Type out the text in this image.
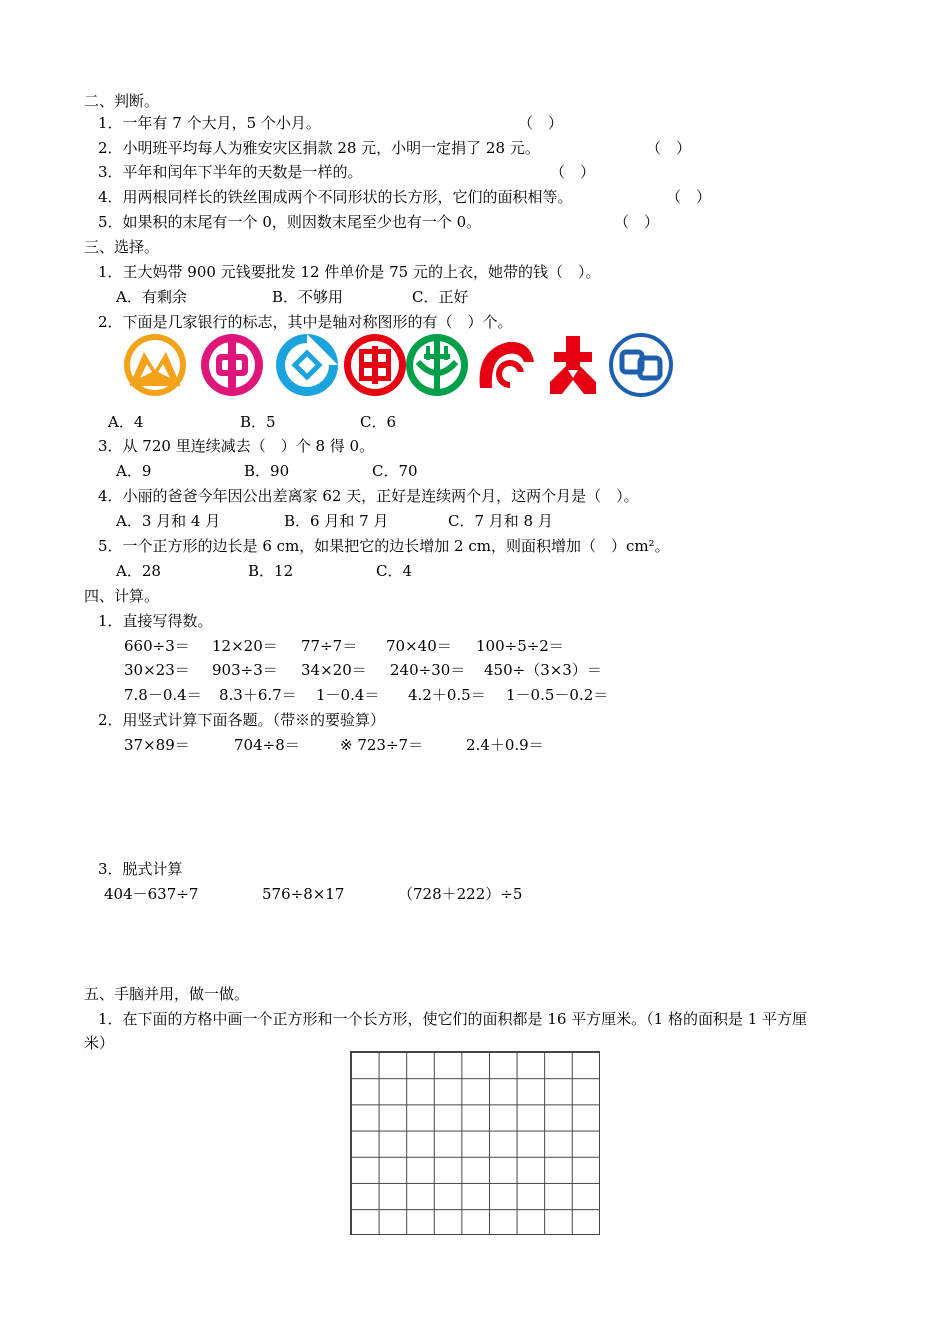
二、判断。
1．一年有 7 个大月，5 个小月。	（　）
2．小明班平均每人为雅安灾区捐款 28 元，小明一定捐了 28 元。	（　）
3．平年和闰年下半年的天数是一样的。	（　）
4．用两根同样长的铁丝围成两个不同形状的长方形，它们的面积相等。	（　）
5．如果积的末尾有一个 0，则因数末尾至少也有一个 0。	（　）
三、选择。
1．王大妈带 900 元钱要批发 12 件单价是 75 元的上衣，她带的钱（　）。
A．有剩余	B．不够用	C．正好
2．下面是几家银行的标志，其中是轴对称图形的有（　）个。
A．4	B．5	C．6
3．从 720 里连续减去（　）个 8 得 0。
A．9	B．90	C．70
4．小丽的爸爸今年因公出差离家 62 天，正好是连续两个月，这两个月是（　）。
A．3 月和 4 月	B．6 月和 7 月	C．7 月和 8 月
5．一个正方形的边长是 6 cm，如果把它的边长增加 2 cm，则面积增加（　）cm²。
A．28	B．12	C．4
四、计算。
1．直接写得数。
660÷3＝ 12×20＝ 77÷7＝ 70×40＝ 100÷5÷2＝
30×23＝ 903÷3＝ 34×20＝ 240÷30＝ 450÷（3×3）＝
7.8－0.4＝ 8.3＋6.7＝ 1－0.4＝ 4.2＋0.5＝ 1－0.5－0.2＝
2．用竖式计算下面各题。（带※的要验算）
37×89＝	704÷8＝	※ 723÷7＝	2.4＋0.9＝
3．脱式计算
404－637÷7	576÷8×17	（728＋222）÷5
五、手脑并用，做一做。
1．在下面的方格中画一个正方形和一个长方形，使它们的面积都是 16 平方厘米。（1 格的面积是 1 平方厘
米）
